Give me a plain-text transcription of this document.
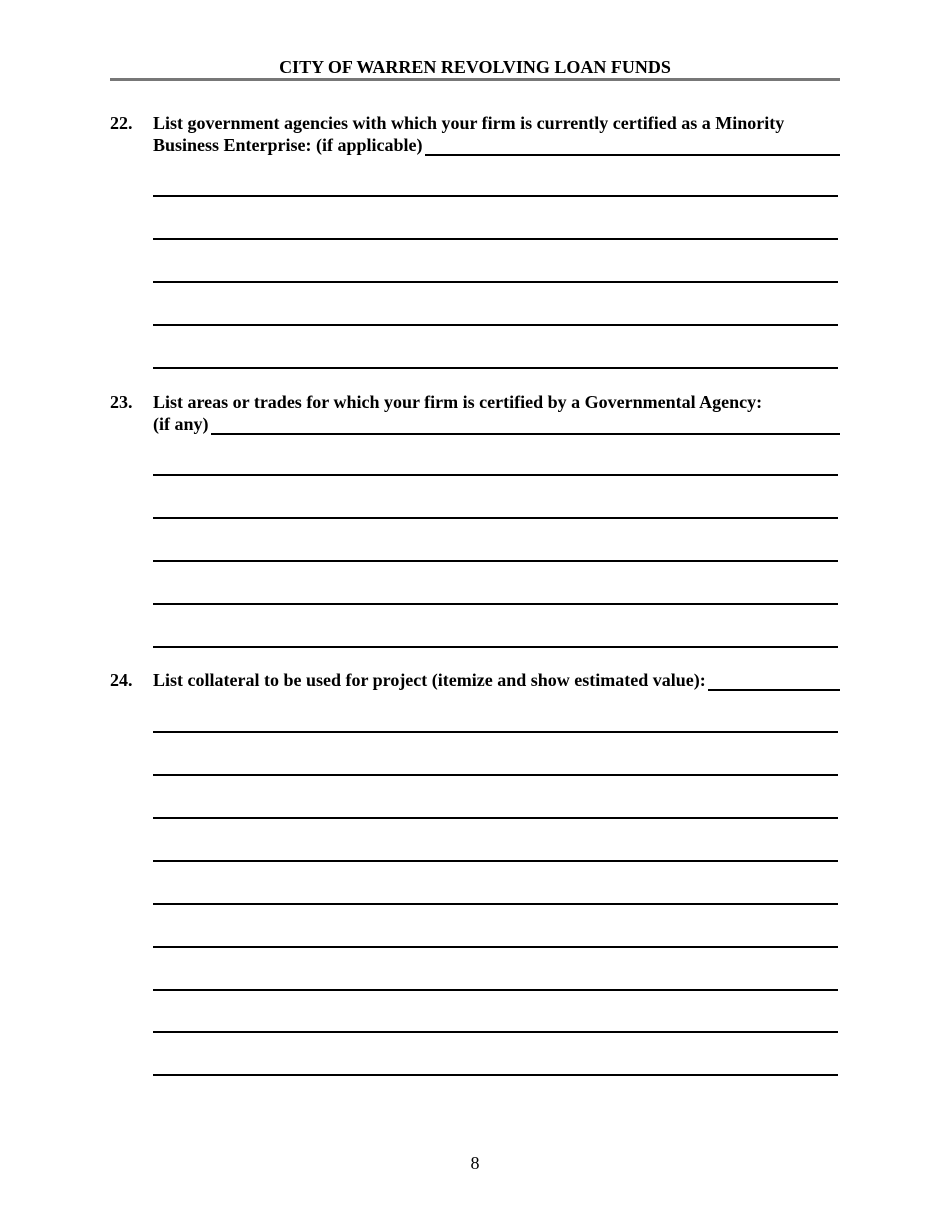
CITY OF WARREN REVOLVING LOAN FUNDS
22. List government agencies with which your firm is currently certified as a Minority
Business Enterprise: (if applicable)
23. List areas or trades for which your firm is certified by a Governmental Agency:
(if any)
24. List collateral to be used for project (itemize and show estimated value):
8
